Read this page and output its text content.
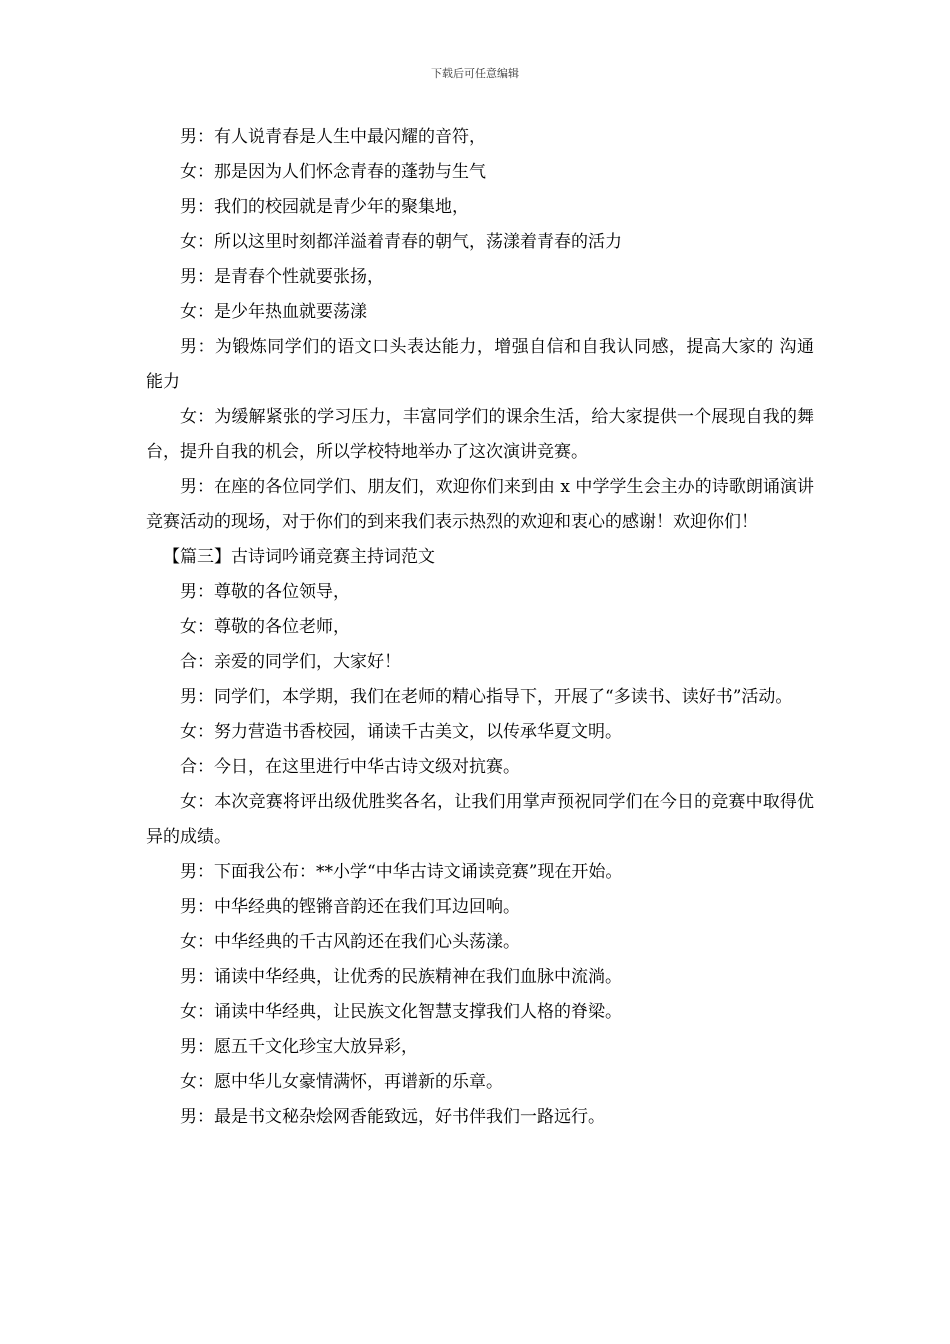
下载后可任意编辑

男：有人说青春是人生中最闪耀的音符，

女：那是因为人们怀念青春的蓬勃与生气

男：我们的校园就是青少年的聚集地，

女：所以这里时刻都洋溢着青春的朝气，荡漾着青春的活力

男：是青春个性就要张扬，

女：是少年热血就要荡漾

男：为锻炼同学们的语文口头表达能力，增强自信和自我认同感，提高大家的 沟通能力

女：为缓解紧张的学习压力，丰富同学们的课余生活，给大家提供一个展现自我的舞台，提升自我的机会，所以学校特地举办了这次演讲竞赛。

男：在座的各位同学们、朋友们，欢迎你们来到由 x 中学学生会主办的诗歌朗诵演讲竞赛活动的现场，对于你们的到来我们表示热烈的欢迎和衷心的感谢！欢迎你们！

【篇三】古诗词吟诵竞赛主持词范文

男：尊敬的各位领导，

女：尊敬的各位老师，

合：亲爱的同学们，大家好！

男：同学们，本学期，我们在老师的精心指导下，开展了“多读书、读好书”活动。

女：努力营造书香校园，诵读千古美文，以传承华夏文明。

合：今日，在这里进行中华古诗文级对抗赛。

女：本次竞赛将评出级优胜奖各名，让我们用掌声预祝同学们在今日的竞赛中取得优异的成绩。

男：下面我公布：**小学“中华古诗文诵读竞赛”现在开始。

男：中华经典的铿锵音韵还在我们耳边回响。

女：中华经典的千古风韵还在我们心头荡漾。

男：诵读中华经典，让优秀的民族精神在我们血脉中流淌。

女：诵读中华经典，让民族文化智慧支撑我们人格的脊梁。

男：愿五千文化珍宝大放异彩，

女：愿中华儿女豪情满怀，再谱新的乐章。

男：最是书文秘杂烩网香能致远，好书伴我们一路远行。
